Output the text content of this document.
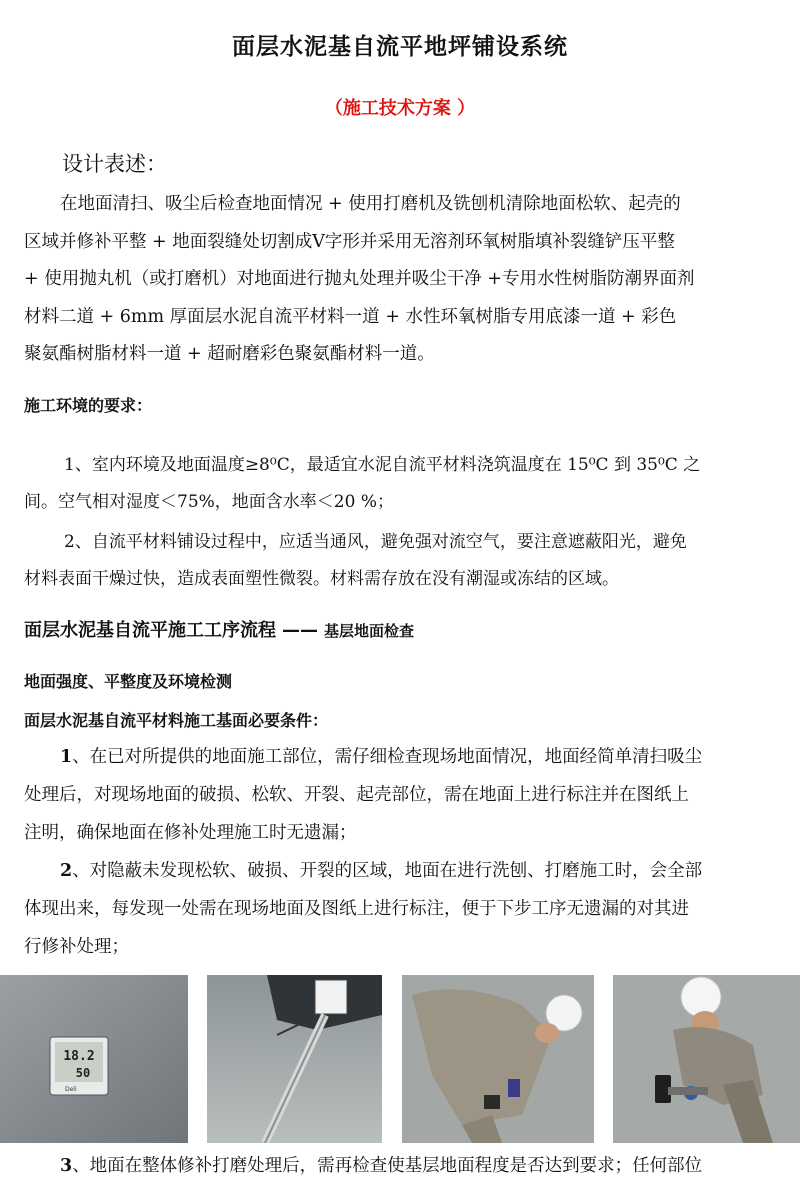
面层水泥基自流平地坪铺设系统
（施工技术方案 ）
设计表述：
在地面清扫、吸尘后检查地面情况 + 使用打磨机及铣刨机清除地面松软、起壳的
区域并修补平整 + 地面裂缝处切割成V字形并采用无溶剂环氧树脂填补裂缝铲压平整
+ 使用抛丸机（或打磨机）对地面进行抛丸处理并吸尘干净 +专用水性树脂防潮界面剂
材料二道 + 6mm 厚面层水泥自流平材料一道 + 水性环氧树脂专用底漆一道 + 彩色
聚氨酯树脂材料一道 + 超耐磨彩色聚氨酯材料一道。
施工环境的要求：
1、室内环境及地面温度≥8⁰C，最适宜水泥自流平材料浇筑温度在 15⁰C 到 35⁰C 之
间。空气相对湿度＜75%，地面含水率＜20 %；
2、自流平材料铺设过程中，应适当通风，避免强对流空气，要注意遮蔽阳光，避免
材料表面干燥过快，造成表面塑性微裂。材料需存放在没有潮湿或冻结的区域。
面层水泥基自流平施工工序流程 —— 基层地面检查
地面强度、平整度及环境检测
面层水泥基自流平材料施工基面必要条件：
1、在已对所提供的地面施工部位，需仔细检查现场地面情况，地面经简单清扫吸尘
处理后，对现场地面的破损、松软、开裂、起壳部位，需在地面上进行标注并在图纸上
注明，确保地面在修补处理施工时无遗漏；
2、对隐蔽未发现松软、破损、开裂的区域，地面在进行洗刨、打磨施工时，会全部
体现出来，每发现一处需在现场地面及图纸上进行标注，便于下步工序无遗漏的对其进
行修补处理；
18.2
50
Deli
3、地面在整体修补打磨处理后，需再检查使基层地面程度是否达到要求；任何部位
